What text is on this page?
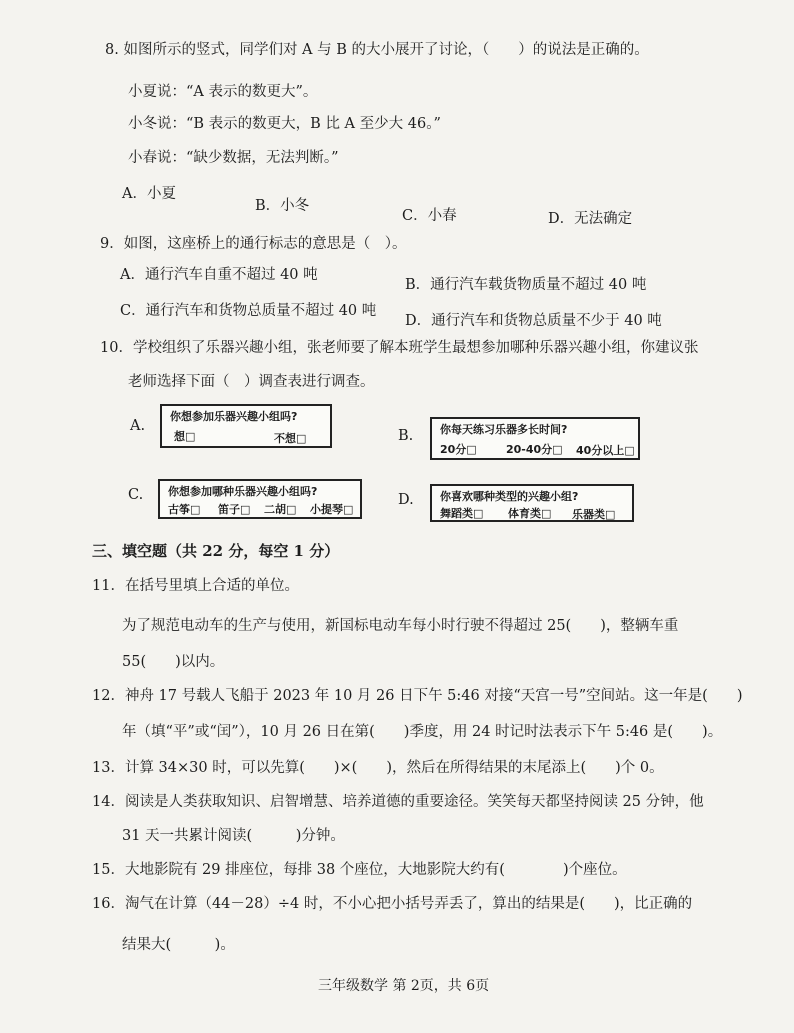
8. 如图所示的竖式，同学们对 A 与 B 的大小展开了讨论，（　　）的说法是正确的。
小夏说：“A 表示的数更大”。
小冬说：“B 表示的数更大，B 比 A 至少大 46。”
小春说：“缺少数据，无法判断。”
A．小夏
B．小冬
C．小春	D．无法确定
9．如图，这座桥上的通行标志的意思是（　）。
A．通行汽车自重不超过 40 吨
B．通行汽车载货物质量不超过 40 吨
C．通行汽车和货物总质量不超过 40 吨
D．通行汽车和货物总质量不少于 40 吨
10．学校组织了乐器兴趣小组，张老师要了解本班学生最想参加哪种乐器兴趣小组，你建议张
老师选择下面（　）调查表进行调查。
A.
你想参加乐器兴趣小组吗?
想□	不想□	B. 你每天练习乐器多长时间?
20分□	20-40分□ 40分以上□
C. 你想参加哪种乐器兴趣小组吗?
古筝□ 笛子□ 二胡□ 小提琴□
D. 你喜欢哪种类型的兴趣小组?
舞蹈类□ 体育类□ 乐器类□
三、填空题（共 22 分，每空 1 分）
11．在括号里填上合适的单位。
为了规范电动车的生产与使用，新国标电动车每小时行驶不得超过 25(　　)，整辆车重
55(　　)以内。
12．神舟 17 号载人飞船于 2023 年 10 月 26 日下午 5:46 对接“天宫一号”空间站。这一年是(　　)
年（填“平”或“闰”），10 月 26 日在第(　　)季度，用 24 时记时法表示下午 5:46 是(　　)。
13．计算 34×30 时，可以先算(　　)×(　　)，然后在所得结果的末尾添上(　　)个 0。
14．阅读是人类获取知识、启智增慧、培养道德的重要途径。笑笑每天都坚持阅读 25 分钟，他
31 天一共累计阅读(　　　)分钟。
15．大地影院有 29 排座位，每排 38 个座位，大地影院大约有(　　　　)个座位。
16．淘气在计算（44－28）÷4 时，不小心把小括号弄丢了，算出的结果是(　　)，比正确的
结果大(　　　)。
三年级数学 第 2页，共 6页
